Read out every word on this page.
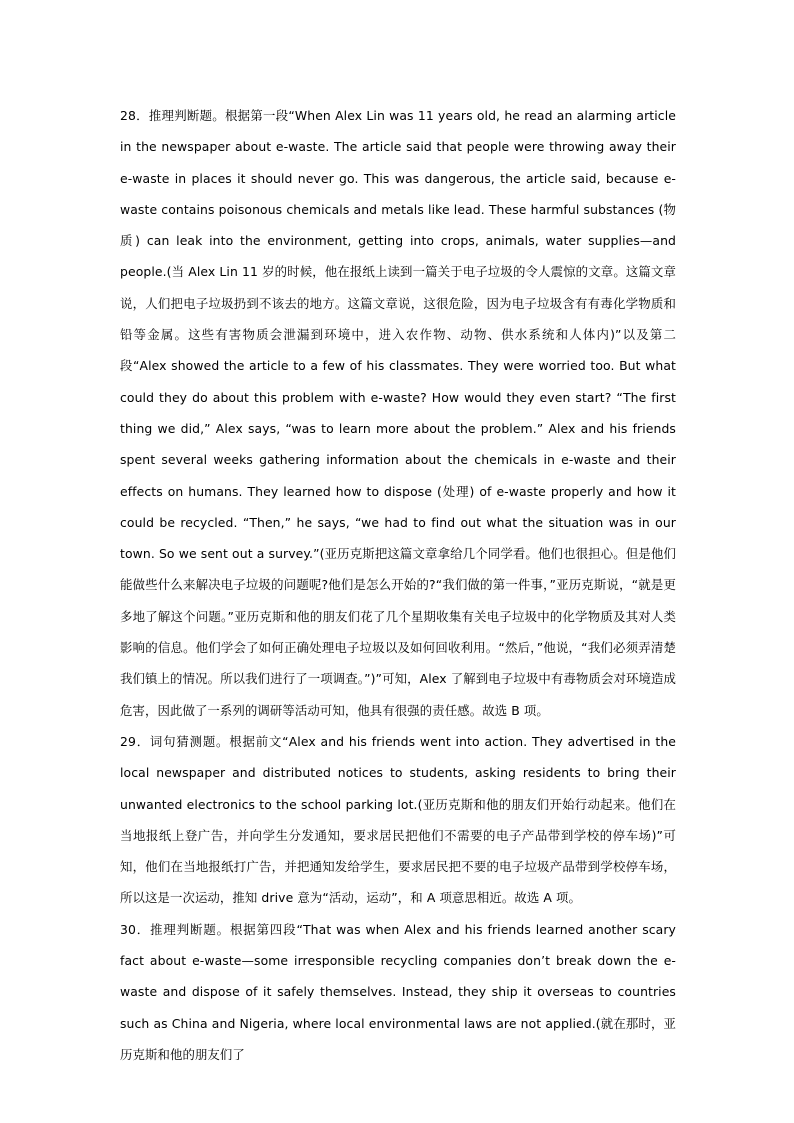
28．推理判断题。根据第一段“When Alex Lin was 11 years old, he read an alarming article in the newspaper about e-waste. The article said that people were throwing away their e-waste in places it should never go. This was dangerous, the article said, because e-waste contains poisonous chemicals and metals like lead. These harmful substances (物质) can leak into the environment, getting into crops, animals, water supplies—and people.(当 Alex Lin 11 岁的时候，他在报纸上读到一篇关于电子垃圾的令人震惊的文章。这篇文章说，人们把电子垃圾扔到不该去的地方。这篇文章说，这很危险，因为电子垃圾含有有毒化学物质和铅等金属。这些有害物质会泄漏到环境中，进入农作物、动物、供水系统和人体内)”以及第二段“Alex showed the article to a few of his classmates. They were worried too. But what could they do about this problem with e-waste? How would they even start? “The first thing we did,” Alex says, “was to learn more about the problem.” Alex and his friends spent several weeks gathering information about the chemicals in e-waste and their effects on humans. They learned how to dispose (处理) of e-waste properly and how it could be recycled. “Then,” he says, “we had to find out what the situation was in our town. So we sent out a survey.”(亚历克斯把这篇文章拿给几个同学看。他们也很担心。但是他们能做些什么来解决电子垃圾的问题呢?他们是怎么开始的?“我们做的第一件事，”亚历克斯说，“就是更多地了解这个问题。”亚历克斯和他的朋友们花了几个星期收集有关电子垃圾中的化学物质及其对人类影响的信息。他们学会了如何正确处理电子垃圾以及如何回收利用。“然后，”他说，“我们必须弄清楚我们镇上的情况。所以我们进行了一项调查。”)”可知，Alex 了解到电子垃圾中有毒物质会对环境造成危害，因此做了一系列的调研等活动可知，他具有很强的责任感。故选 B 项。

29．词句猜测题。根据前文“Alex and his friends went into action. They advertised in the local newspaper and distributed notices to students, asking residents to bring their unwanted electronics to the school parking lot.(亚历克斯和他的朋友们开始行动起来。他们在当地报纸上登广告，并向学生分发通知，要求居民把他们不需要的电子产品带到学校的停车场)”可知，他们在当地报纸打广告，并把通知发给学生，要求居民把不要的电子垃圾产品带到学校停车场，所以这是一次运动，推知 drive 意为“活动，运动”，和 A 项意思相近。故选 A 项。

30．推理判断题。根据第四段“That was when Alex and his friends learned another scary fact about e-waste—some irresponsible recycling companies don’t break down the e-waste and dispose of it safely themselves. Instead, they ship it overseas to countries such as China and Nigeria, where local environmental laws are not applied.(就在那时，亚历克斯和他的朋友们了
